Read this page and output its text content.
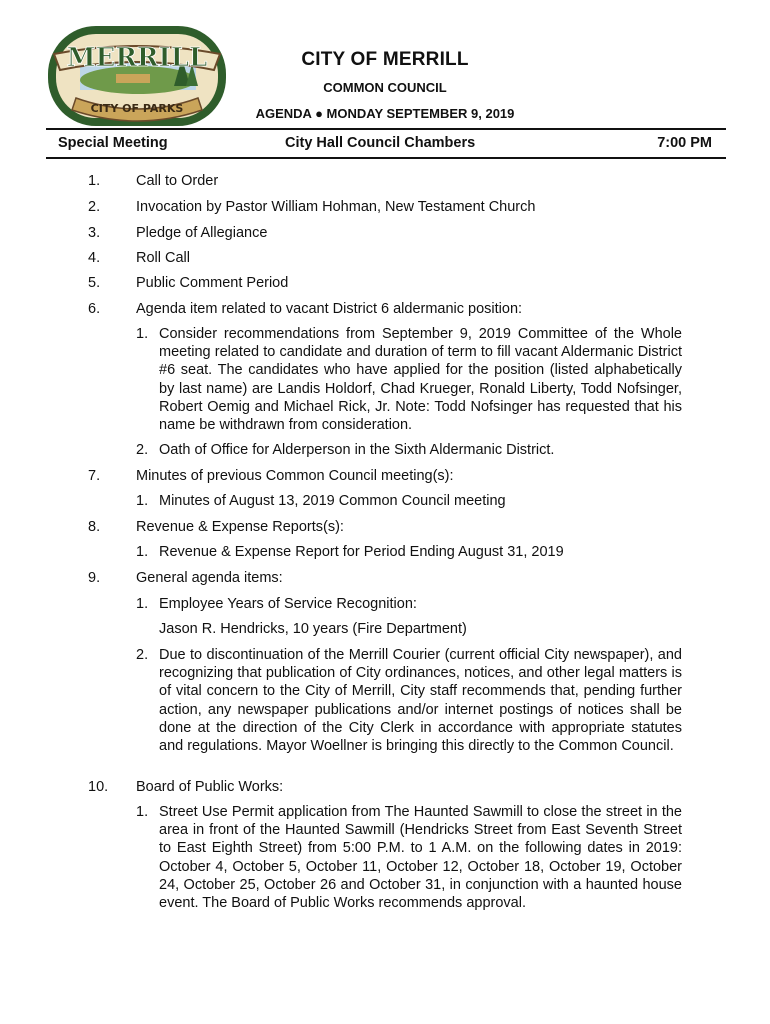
MERRILL
CITY OF PARKS
CITY OF MERRILL
COMMON COUNCIL
AGENDA ● MONDAY SEPTEMBER 9, 2019
Special Meeting	City Hall Council Chambers	7:00 PM
1. Call to Order
2. Invocation by Pastor William Hohman, New Testament Church
3. Pledge of Allegiance
4. Roll Call
5. Public Comment Period
6. Agenda item related to vacant District 6 aldermanic position:
1. Consider recommendations from September 9, 2019 Committee of the Whole meeting related to candidate and duration of term to fill vacant Aldermanic District #6 seat. The candidates who have applied for the position (listed alphabetically by last name) are Landis Holdorf, Chad Krueger, Ronald Liberty, Todd Nofsinger, Robert Oemig and Michael Rick, Jr. Note: Todd Nofsinger has requested that his name be withdrawn from consideration.
2. Oath of Office for Alderperson in the Sixth Aldermanic District.
7. Minutes of previous Common Council meeting(s):
1. Minutes of August 13, 2019 Common Council meeting
8. Revenue & Expense Reports(s):
1. Revenue & Expense Report for Period Ending August 31, 2019
9. General agenda items:
1. Employee Years of Service Recognition:
Jason R. Hendricks, 10 years (Fire Department)
2. Due to discontinuation of the Merrill Courier (current official City newspaper), and recognizing that publication of City ordinances, notices, and other legal matters is of vital concern to the City of Merrill, City staff recommends that, pending further action, any newspaper publications and/or internet postings of notices shall be done at the direction of the City Clerk in accordance with appropriate statutes and regulations. Mayor Woellner is bringing this directly to the Common Council.
10. Board of Public Works:
1. Street Use Permit application from The Haunted Sawmill to close the street in the area in front of the Haunted Sawmill (Hendricks Street from East Seventh Street to East Eighth Street) from 5:00 P.M. to 1 A.M. on the following dates in 2019: October 4, October 5, October 11, October 12, October 18, October 19, October 24, October 25, October 26 and October 31, in conjunction with a haunted house event. The Board of Public Works recommends approval.
